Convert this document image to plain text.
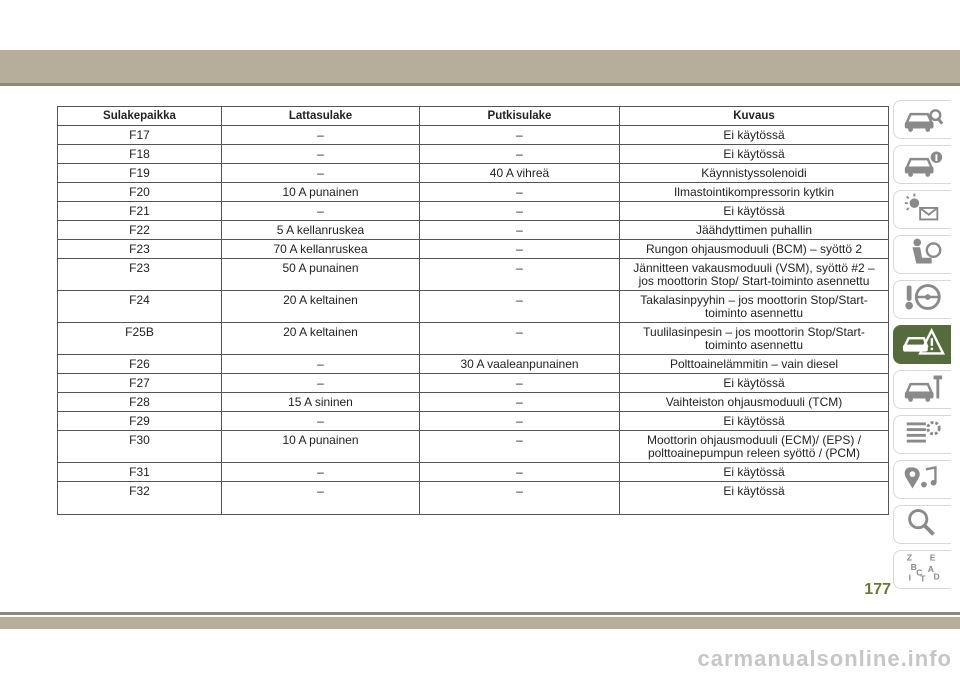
Sulakepaikka	Lattasulake	Putkisulake	Kuvaus
F17	–	–	Ei käytössä
F18	–	–	Ei käytössä
F19	–	40 A vihreä	Käynnistyssolenoidi
F20	10 A punainen	–	Ilmastointikompressorin kytkin
F21	–	–	Ei käytössä
F22	5 A kellanruskea	–	Jäähdyttimen puhallin
F23	70 A kellanruskea	–	Rungon ohjausmoduuli (BCM) – syöttö 2
F23	50 A punainen	–	Jännitteen vakausmoduuli (VSM), syöttö #2 – jos moottorin Stop/ Start-toiminto asennettu
F24	20 A keltainen	–	Takalasinpyyhin – jos moottorin Stop/Start-toiminto asennettu
F25B	20 A keltainen	–	Tuulilasinpesin – jos moottorin Stop/Start-toiminto asennettu
F26	–	30 A vaaleanpunainen	Polttoainelämmitin – vain diesel
F27	–	–	Ei käytössä
F28	15 A sininen	–	Vaihteiston ohjausmoduuli (TCM)
F29	–	–	Ei käytössä
F30	10 A punainen	–	Moottorin ohjausmoduuli (ECM)/ (EPS) / polttoainepumpun releen syöttö / (PCM)
F31	–	–	Ei käytössä
F32	–	–	Ei käytössä
Z E
B A
C D
I T
177
carmanualsonline.info
